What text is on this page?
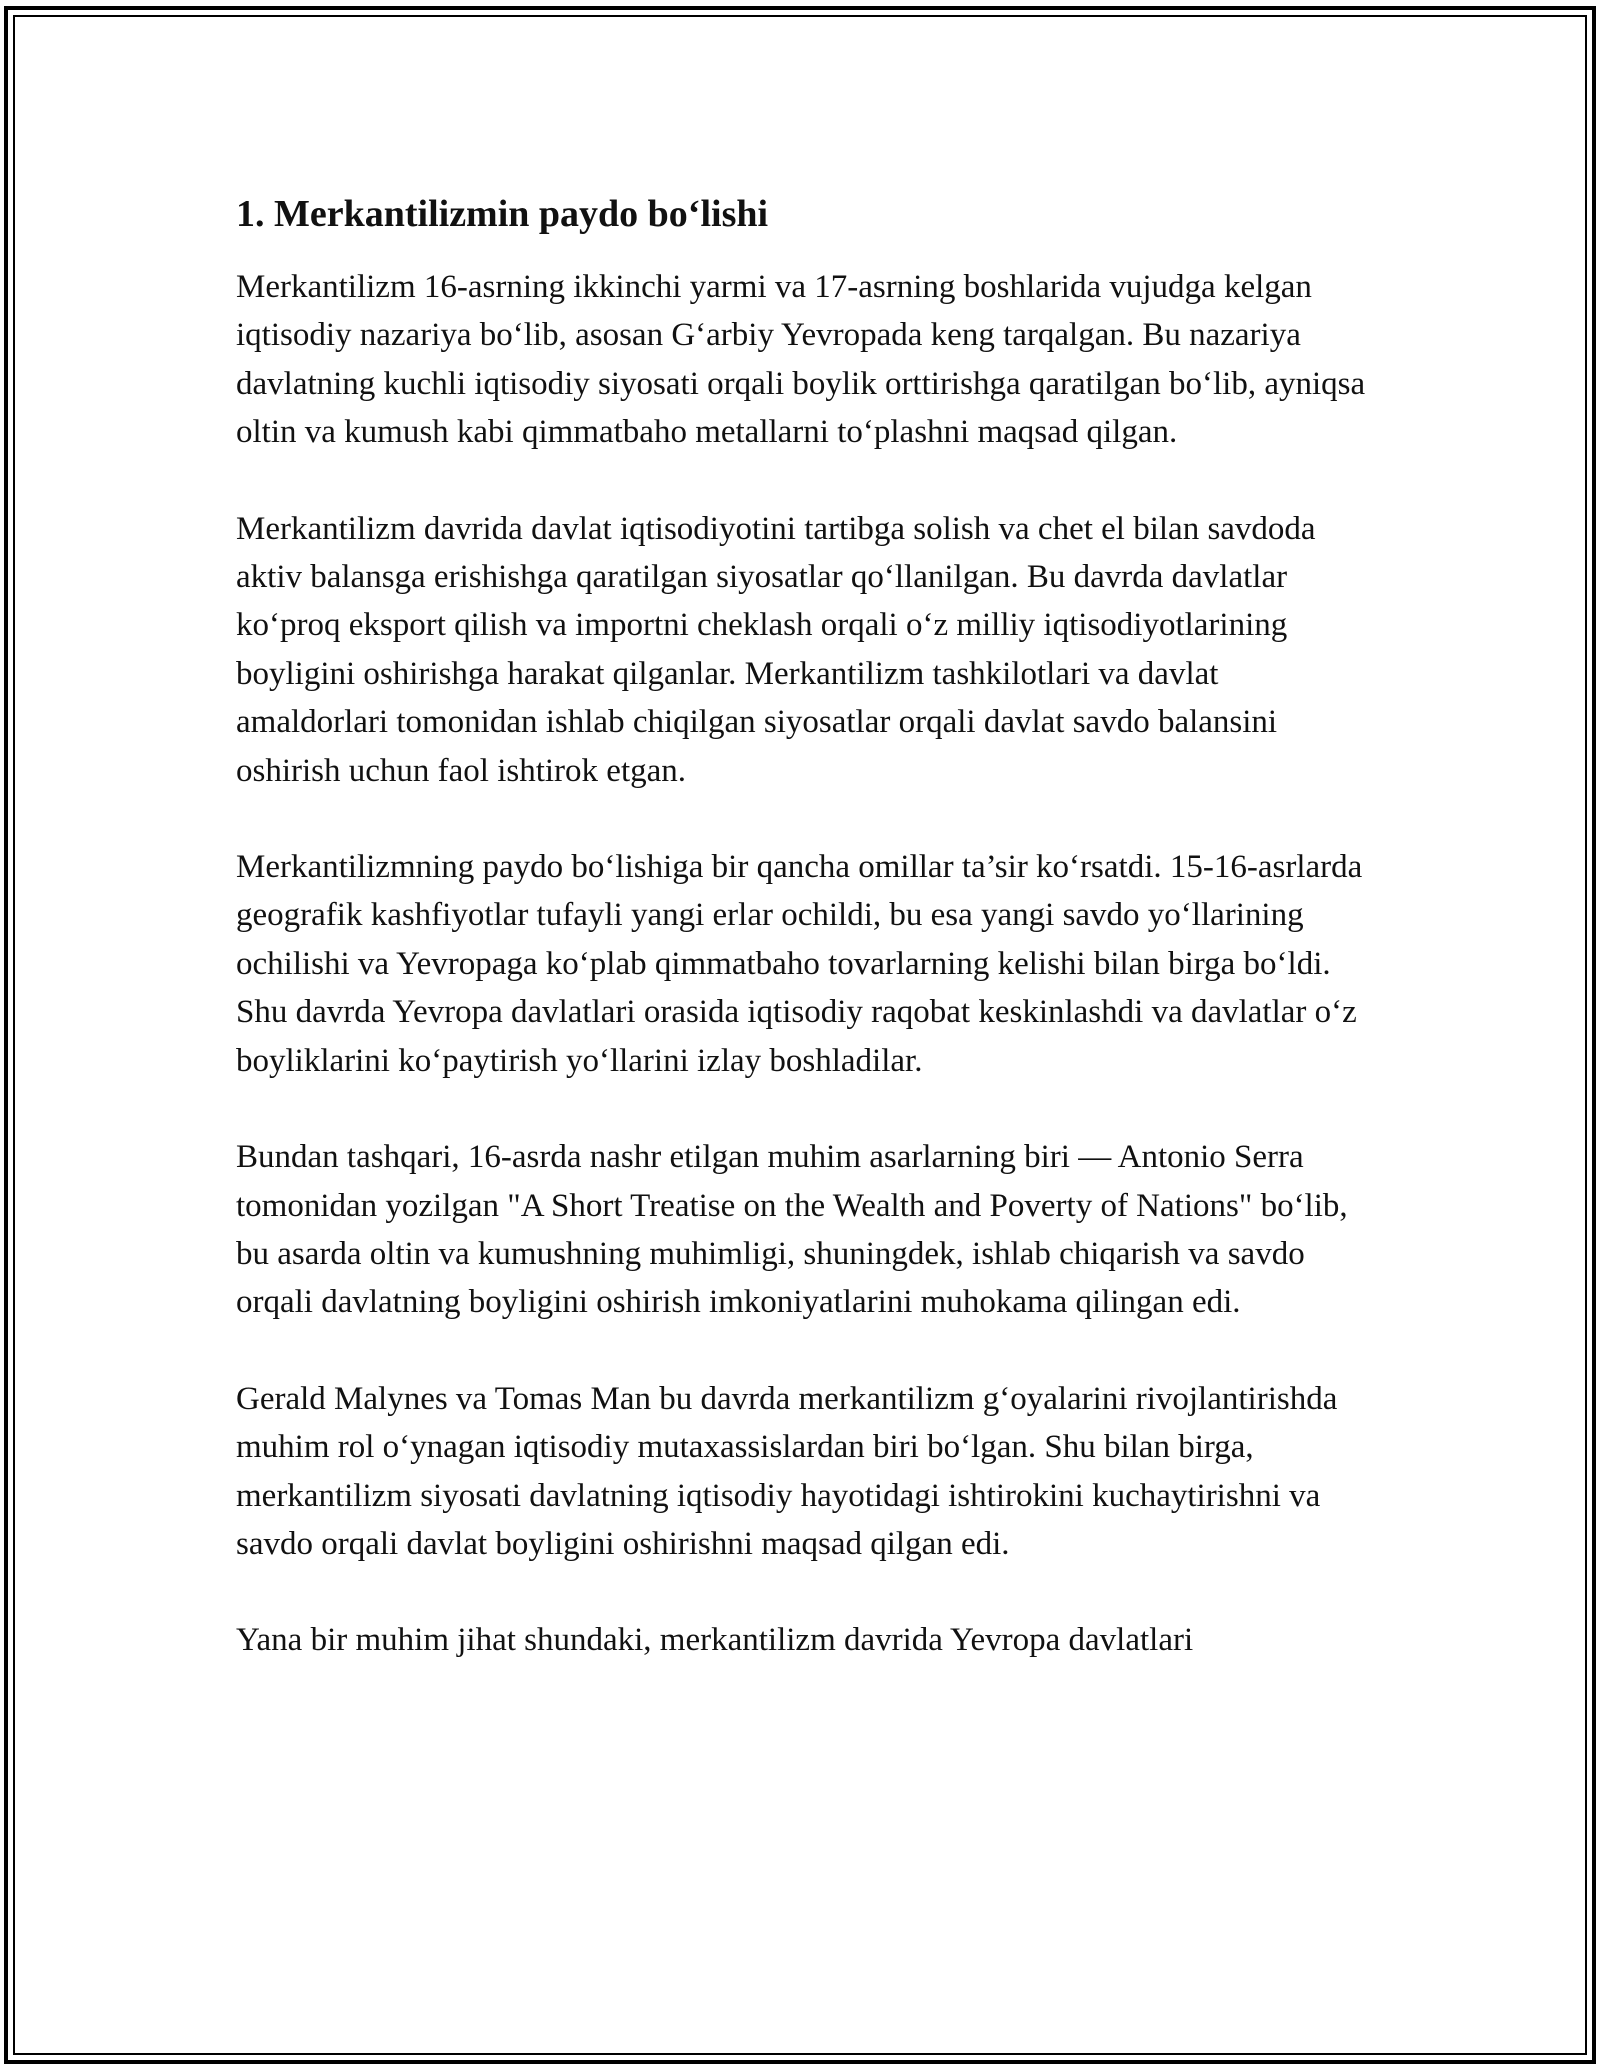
1. Merkantilizmin paydo bo‘lishi

Merkantilizm 16-asrning ikkinchi yarmi va 17-asrning boshlarida vujudga kelgan iqtisodiy nazariya bo‘lib, asosan G‘arbiy Yevropada keng tarqalgan. Bu nazariya davlatning kuchli iqtisodiy siyosati orqali boylik orttirishga qaratilgan bo‘lib, ayniqsa oltin va kumush kabi qimmatbaho metallarni to‘plashni maqsad qilgan.

Merkantilizm davrida davlat iqtisodiyotini tartibga solish va chet el bilan savdoda aktiv balansga erishishga qaratilgan siyosatlar qo‘llanilgan. Bu davrda davlatlar ko‘proq eksport qilish va importni cheklash orqali o‘z milliy iqtisodiyotlarining boyligini oshirishga harakat qilganlar. Merkantilizm tashkilotlari va davlat amaldorlari tomonidan ishlab chiqilgan siyosatlar orqali davlat savdo balansini oshirish uchun faol ishtirok etgan.

Merkantilizmning paydo bo‘lishiga bir qancha omillar ta’sir ko‘rsatdi. 15-16-asrlarda geografik kashfiyotlar tufayli yangi erlar ochildi, bu esa yangi savdo yo‘llarining ochilishi va Yevropaga ko‘plab qimmatbaho tovarlarning kelishi bilan birga bo‘ldi. Shu davrda Yevropa davlatlari orasida iqtisodiy raqobat keskinlashdi va davlatlar o‘z boyliklarini ko‘paytirish yo‘llarini izlay boshladilar.

Bundan tashqari, 16-asrda nashr etilgan muhim asarlarning biri — Antonio Serra tomonidan yozilgan "A Short Treatise on the Wealth and Poverty of Nations" bo‘lib, bu asarda oltin va kumushning muhimligi, shuningdek, ishlab chiqarish va savdo orqali davlatning boyligini oshirish imkoniyatlarini muhokama qilingan edi.

Gerald Malynes va Tomas Man bu davrda merkantilizm g‘oyalarini rivojlantirishda muhim rol o‘ynagan iqtisodiy mutaxassislardan biri bo‘lgan. Shu bilan birga, merkantilizm siyosati davlatning iqtisodiy hayotidagi ishtirokini kuchaytirishni va savdo orqali davlat boyligini oshirishni maqsad qilgan edi.

Yana bir muhim jihat shundaki, merkantilizm davrida Yevropa davlatlari
